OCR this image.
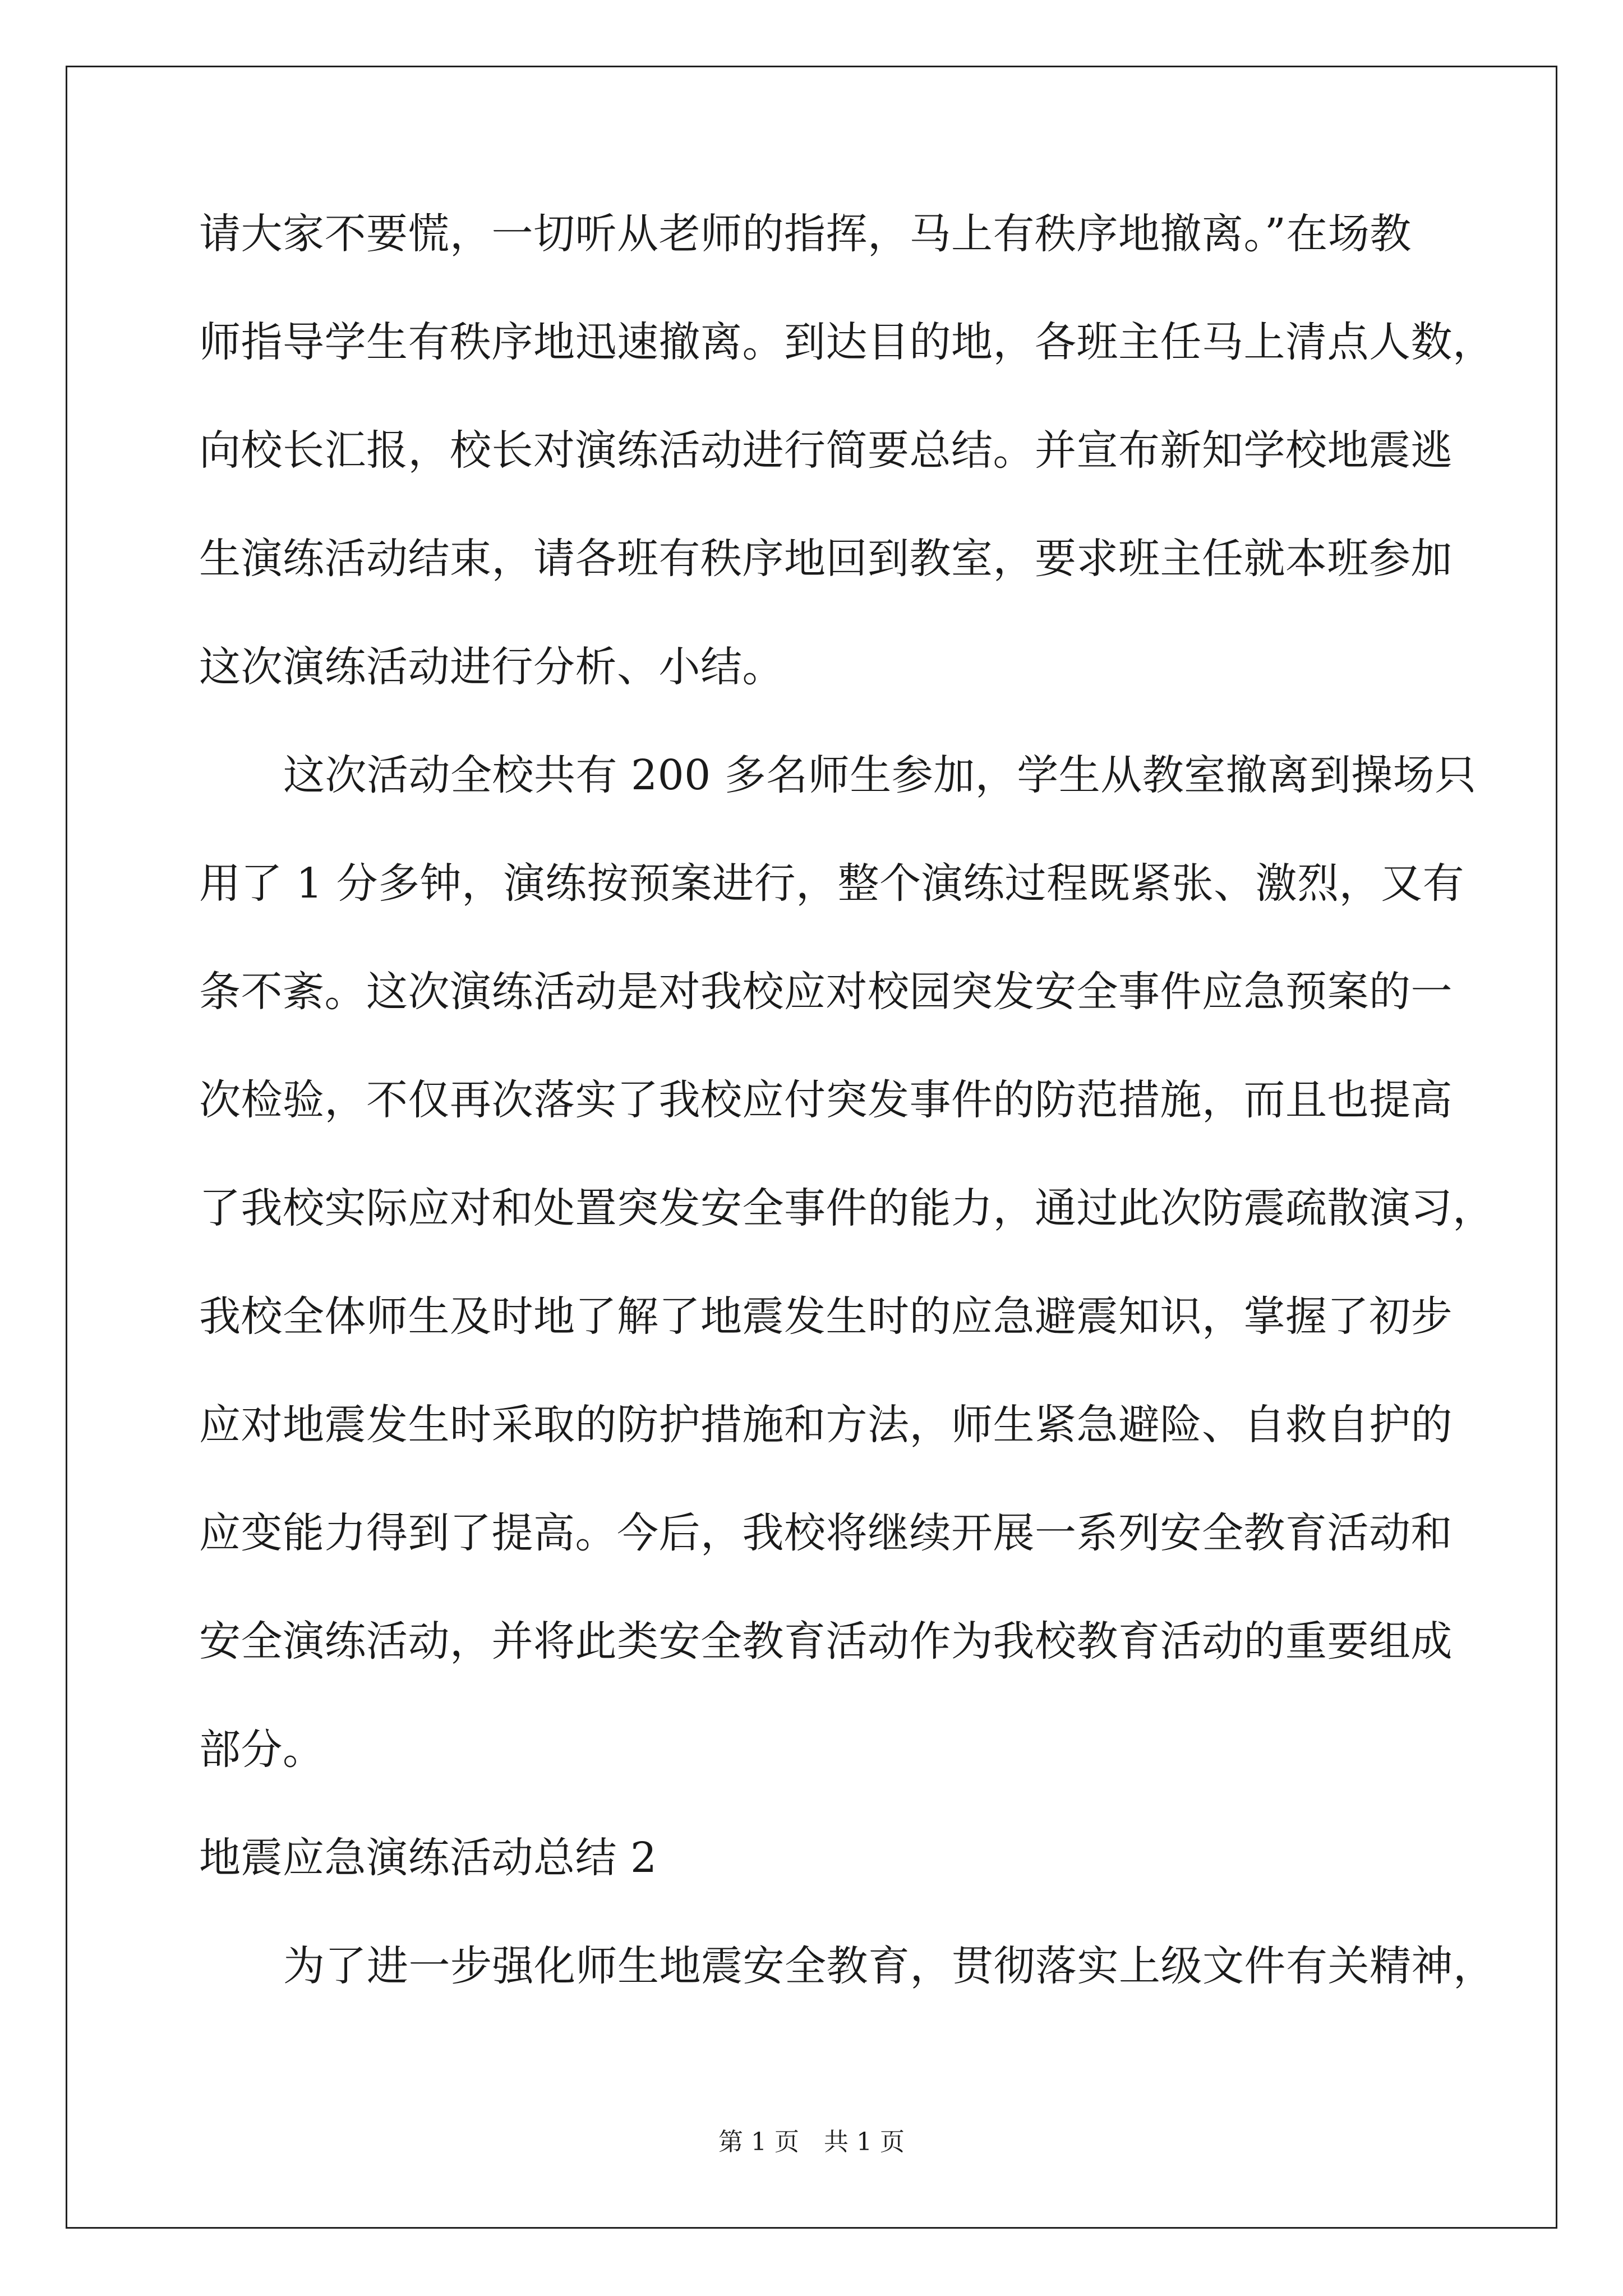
请大家不要慌，一切听从老师的指挥，马上有秩序地撤离。”在场教
师指导学生有秩序地迅速撤离。到达目的地，各班主任马上清点人数，
向校长汇报，校长对演练活动进行简要总结。并宣布新知学校地震逃
生演练活动结束，请各班有秩序地回到教室，要求班主任就本班参加
这次演练活动进行分析、小结。
这次活动全校共有 200 多名师生参加，学生从教室撤离到操场只
用了 1 分多钟，演练按预案进行，整个演练过程既紧张、激烈，又有
条不紊。这次演练活动是对我校应对校园突发安全事件应急预案的一
次检验，不仅再次落实了我校应付突发事件的防范措施，而且也提高
了我校实际应对和处置突发安全事件的能力，通过此次防震疏散演习，
我校全体师生及时地了解了地震发生时的应急避震知识，掌握了初步
应对地震发生时采取的防护措施和方法，师生紧急避险、自救自护的
应变能力得到了提高。今后，我校将继续开展一系列安全教育活动和
安全演练活动，并将此类安全教育活动作为我校教育活动的重要组成
部分。
地震应急演练活动总结 2
为了进一步强化师生地震安全教育，贯彻落实上级文件有关精神，
第 1 页　共 1 页
